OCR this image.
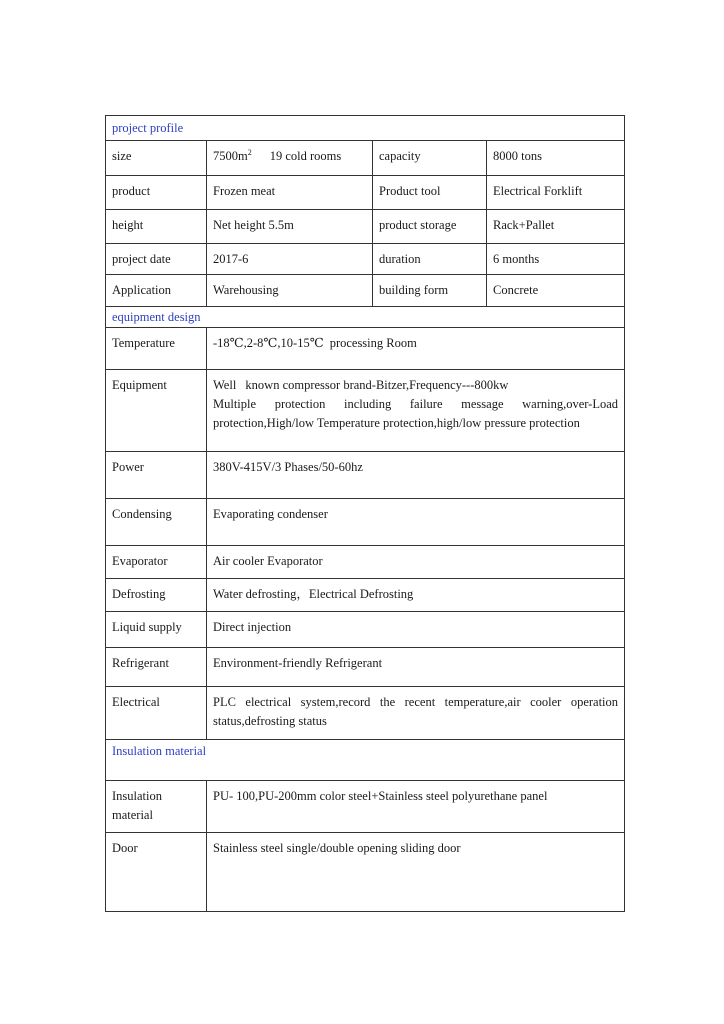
project profile			
size	$7500m^2$ 19 cold rooms	capacity	8000 tons
product	Frozen meat	Product tool	Electrical Forklift
height	Net height 5.5m	product storage	Rack+Pallet
project date	2017-6	duration	6 months
Application	Warehousing	building form	Concrete
equipment design			
Temperature	-18℃,2-8℃,10-15℃ processing Room		
Equipment	Well known compressor brand-Bitzer,Frequency---800kw
Multiple protection including failure message warning,over-Load
protection,High/low Temperature protection,high/low pressure protection		

Power	380V-415V/3 Phases/50-60hz		
Condensing	Evaporating condenser		
Evaporator	Air cooler Evaporator		
Defrosting	Water defrosting，Electrical Defrosting		
Liquid supply	Direct injection		
Refrigerant	Environment-friendly Refrigerant		
Electrical	PLC electrical system,record the recent temperature,air cooler operation
status,defrosting status		

Insulation material			

Insulation
material	PU- 100,PU-200mm color steel+Stainless steel polyurethane panel		
Door	Stainless steel single/double opening sliding door		
